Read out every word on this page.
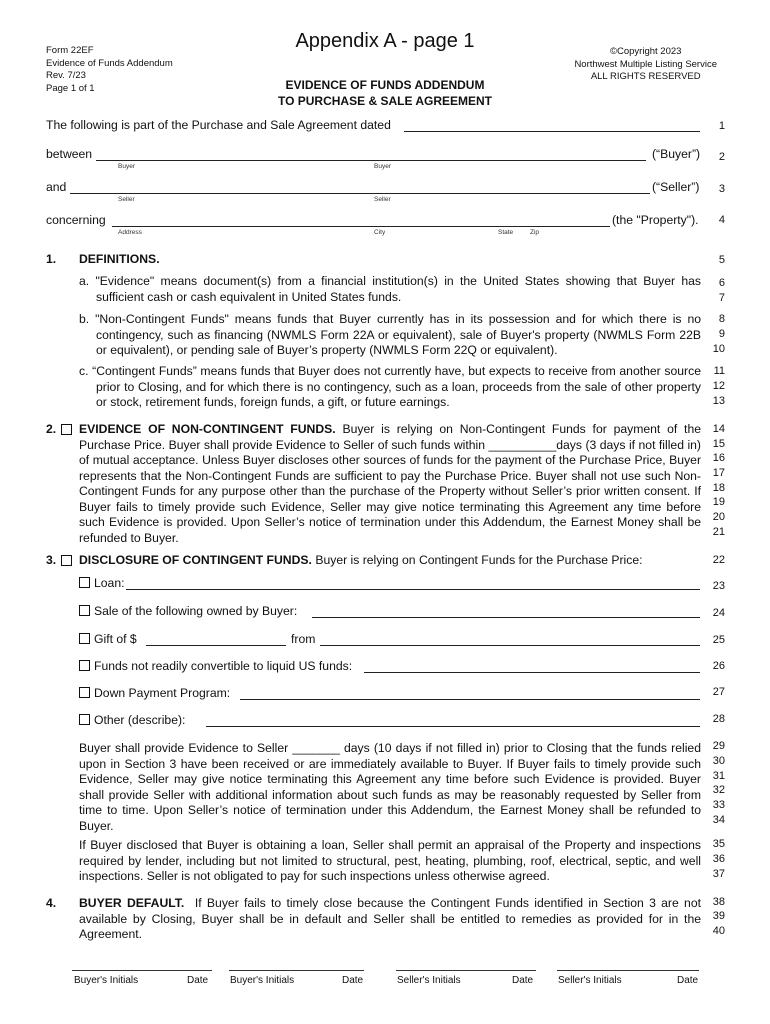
Form 22EF
Evidence of Funds Addendum
Rev. 7/23
Page 1 of 1
Appendix A - page 1
EVIDENCE OF FUNDS ADDENDUM
TO PURCHASE & SALE AGREEMENT
©Copyright 2023
Northwest Multiple Listing Service
ALL RIGHTS RESERVED
The following is part of the Purchase and Sale Agreement dated
between	(“Buyer”)
Buyer	Buyer
and	(“Seller”)
Seller	Seller
concerning	(the "Property").
Address	City	State	Zip
1. DEFINITIONS.
a. "Evidence" means document(s) from a financial institution(s) in the United States showing that Buyer has sufficient cash or cash equivalent in United States funds.
b. "Non-Contingent Funds" means funds that Buyer currently has in its possession and for which there is no contingency, such as financing (NWMLS Form 22A or equivalent), sale of Buyer's property (NWMLS Form 22B or equivalent), or pending sale of Buyer’s property (NWMLS Form 22Q or equivalent).
c. “Contingent Funds” means funds that Buyer does not currently have, but expects to receive from another source prior to Closing, and for which there is no contingency, such as a loan, proceeds from the sale of other property or stock, retirement funds, foreign funds, a gift, or future earnings.
2. EVIDENCE OF NON-CONTINGENT FUNDS. Buyer is relying on Non-Contingent Funds for payment of the Purchase Price. Buyer shall provide Evidence to Seller of such funds within __________days (3 days if not filled in) of mutual acceptance. Unless Buyer discloses other sources of funds for the payment of the Purchase Price, Buyer represents that the Non-Contingent Funds are sufficient to pay the Purchase Price. Buyer shall not use such Non-Contingent Funds for any purpose other than the purchase of the Property without Seller’s prior written consent. If Buyer fails to timely provide such Evidence, Seller may give notice terminating this Agreement any time before such Evidence is provided. Upon Seller’s notice of termination under this Addendum, the Earnest Money shall be refunded to Buyer.
3. DISCLOSURE OF CONTINGENT FUNDS. Buyer is relying on Contingent Funds for the Purchase Price:
Loan:
Sale of the following owned by Buyer:
Gift of $	from
Funds not readily convertible to liquid US funds:
Down Payment Program:
Other (describe):
Buyer shall provide Evidence to Seller _______ days (10 days if not filled in) prior to Closing that the funds relied upon in Section 3 have been received or are immediately available to Buyer. If Buyer fails to timely provide such Evidence, Seller may give notice terminating this Agreement any time before such Evidence is provided. Buyer shall provide Seller with additional information about such funds as may be reasonably requested by Seller from time to time. Upon Seller’s notice of termination under this Addendum, the Earnest Money shall be refunded to Buyer.
If Buyer disclosed that Buyer is obtaining a loan, Seller shall permit an appraisal of the Property and inspections required by lender, including but not limited to structural, pest, heating, plumbing, roof, electrical, septic, and well inspections. Seller is not obligated to pay for such inspections unless otherwise agreed.
4. BUYER DEFAULT. If Buyer fails to timely close because the Contingent Funds identified in Section 3 are not available by Closing, Buyer shall be in default and Seller shall be entitled to remedies as provided for in the Agreement.
1
2
3
4
5
6
7
8
9
10
11
12
13
14
15
16
17
18
19
20
21
22
23
24
25
26
27
28
29
30
31
32
33
34
35
36
37
38
39
40
Buyer's Initials	Date Buyer's Initials	Date	Seller's Initials	Date Seller's Initials	Date
